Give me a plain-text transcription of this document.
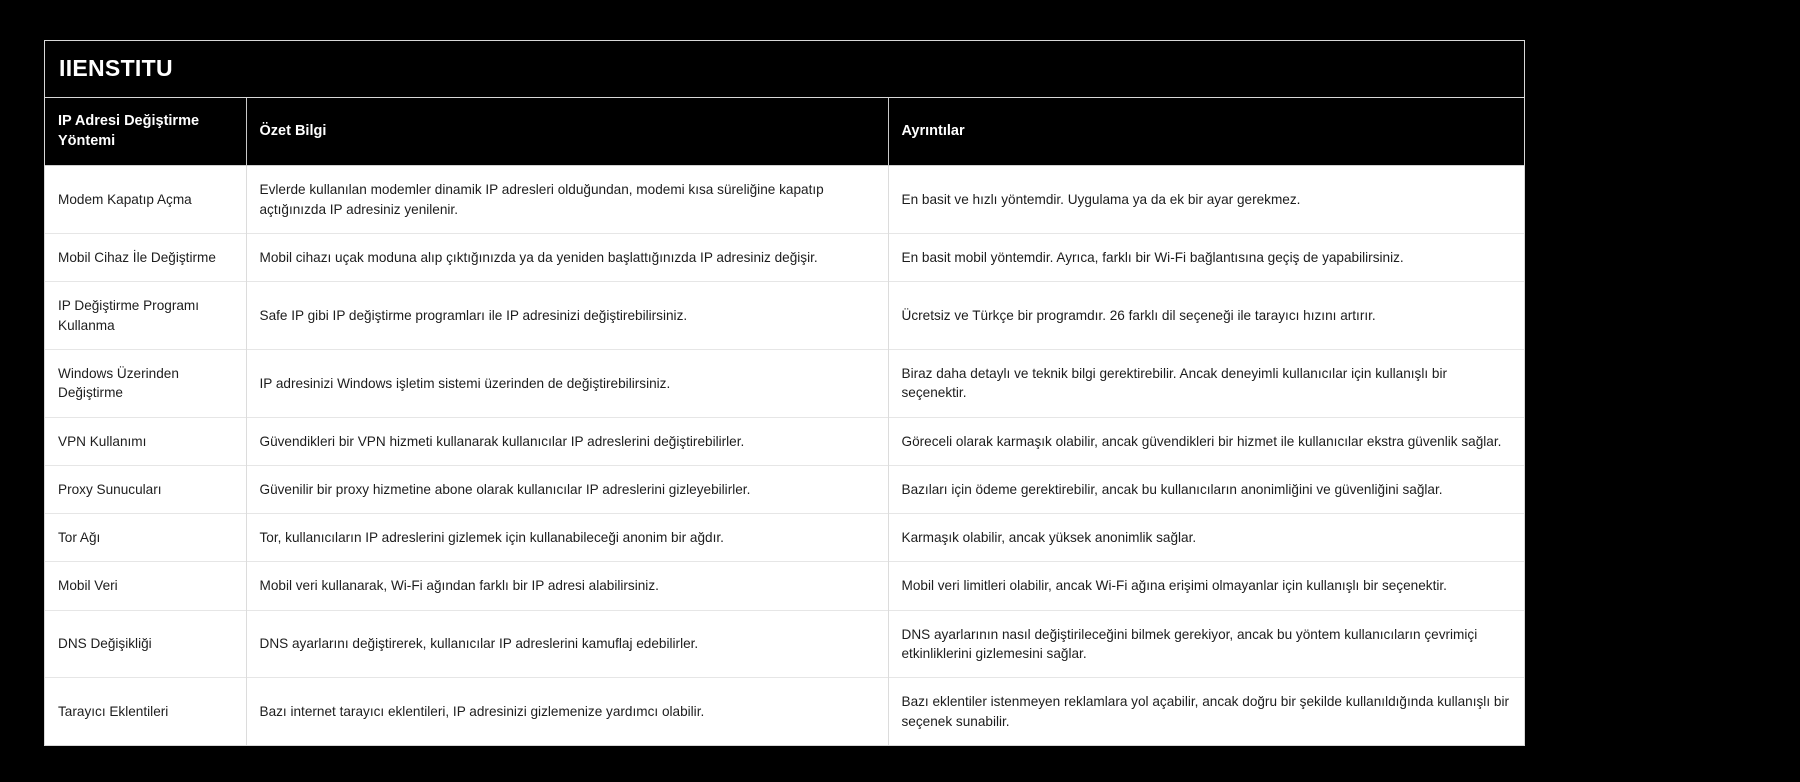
IIENSTITU
IP Adresi Değiştirme Yöntemi	Özet Bilgi	Ayrıntılar
Modem Kapatıp Açma	Evlerde kullanılan modemler dinamik IP adresleri olduğundan, modemi kısa süreliğine kapatıp açtığınızda IP adresiniz yenilenir.	En basit ve hızlı yöntemdir. Uygulama ya da ek bir ayar gerekmez.
Mobil Cihaz İle Değiştirme	Mobil cihazı uçak moduna alıp çıktığınızda ya da yeniden başlattığınızda IP adresiniz değişir.	En basit mobil yöntemdir. Ayrıca, farklı bir Wi-Fi bağlantısına geçiş de yapabilirsiniz.
IP Değiştirme Programı Kullanma	Safe IP gibi IP değiştirme programları ile IP adresinizi değiştirebilirsiniz.	Ücretsiz ve Türkçe bir programdır. 26 farklı dil seçeneği ile tarayıcı hızını artırır.
Windows Üzerinden Değiştirme	IP adresinizi Windows işletim sistemi üzerinden de değiştirebilirsiniz.	Biraz daha detaylı ve teknik bilgi gerektirebilir. Ancak deneyimli kullanıcılar için kullanışlı bir seçenektir.
VPN Kullanımı	Güvendikleri bir VPN hizmeti kullanarak kullanıcılar IP adreslerini değiştirebilirler.	Göreceli olarak karmaşık olabilir, ancak güvendikleri bir hizmet ile kullanıcılar ekstra güvenlik sağlar.
Proxy Sunucuları	Güvenilir bir proxy hizmetine abone olarak kullanıcılar IP adreslerini gizleyebilirler.	Bazıları için ödeme gerektirebilir, ancak bu kullanıcıların anonimliğini ve güvenliğini sağlar.
Tor Ağı	Tor, kullanıcıların IP adreslerini gizlemek için kullanabileceği anonim bir ağdır.	Karmaşık olabilir, ancak yüksek anonimlik sağlar.
Mobil Veri	Mobil veri kullanarak, Wi-Fi ağından farklı bir IP adresi alabilirsiniz.	Mobil veri limitleri olabilir, ancak Wi-Fi ağına erişimi olmayanlar için kullanışlı bir seçenektir.
DNS Değişikliği	DNS ayarlarını değiştirerek, kullanıcılar IP adreslerini kamuflaj edebilirler.	DNS ayarlarının nasıl değiştirileceğini bilmek gerekiyor, ancak bu yöntem kullanıcıların çevrimiçi etkinliklerini gizlemesini sağlar.
Tarayıcı Eklentileri	Bazı internet tarayıcı eklentileri, IP adresinizi gizlemenize yardımcı olabilir.	Bazı eklentiler istenmeyen reklamlara yol açabilir, ancak doğru bir şekilde kullanıldığında kullanışlı bir seçenek sunabilir.
